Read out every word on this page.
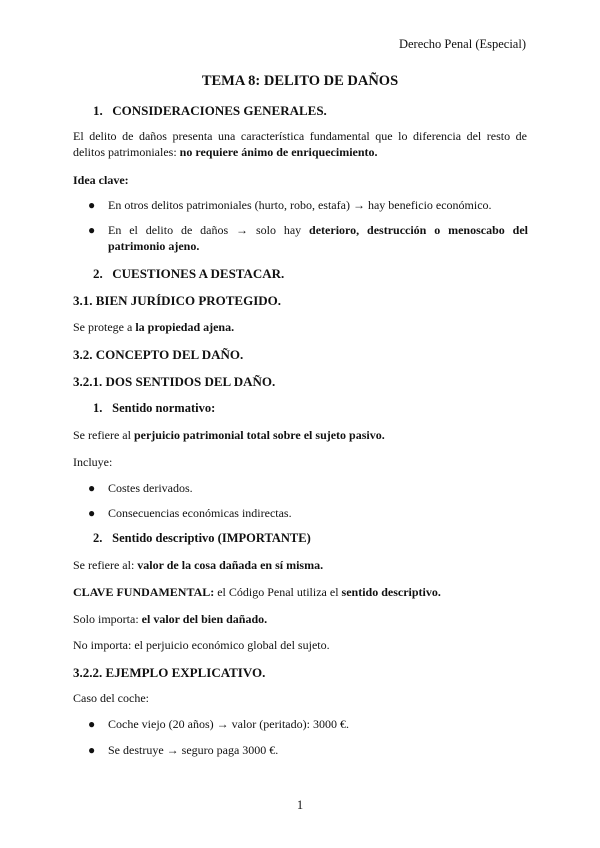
Derecho Penal (Especial)
TEMA 8: DELITO DE DAÑOS
1. CONSIDERACIONES GENERALES.
El delito de daños presenta una característica fundamental que lo diferencia del resto de delitos patrimoniales: no requiere ánimo de enriquecimiento.
Idea clave:
● En otros delitos patrimoniales (hurto, robo, estafa) → hay beneficio económico.
● En el delito de daños → solo hay deterioro, destrucción o menoscabo del patrimonio ajeno.
2. CUESTIONES A DESTACAR.
3.1. BIEN JURÍDICO PROTEGIDO.
Se protege a la propiedad ajena.
3.2. CONCEPTO DEL DAÑO.
3.2.1. DOS SENTIDOS DEL DAÑO.
1. Sentido normativo:
Se refiere al perjuicio patrimonial total sobre el sujeto pasivo.
Incluye:
● Costes derivados.
● Consecuencias económicas indirectas.
2. Sentido descriptivo (IMPORTANTE)
Se refiere al: valor de la cosa dañada en sí misma.
CLAVE FUNDAMENTAL: el Código Penal utiliza el sentido descriptivo.
Solo importa: el valor del bien dañado.
No importa: el perjuicio económico global del sujeto.
3.2.2. EJEMPLO EXPLICATIVO.
Caso del coche:
● Coche viejo (20 años) → valor (peritado): 3000 €.
● Se destruye → seguro paga 3000 €.
1
